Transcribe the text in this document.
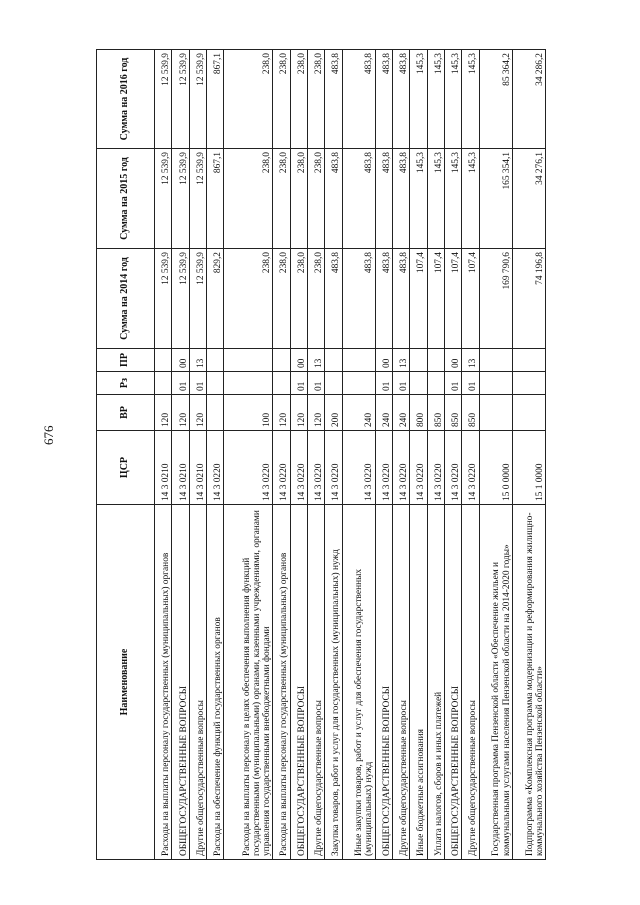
676
Наименование	ЦСР	ВР	Рз	ПР	Сумма на 2014 год	Сумма на 2015 год	Сумма на 2016 год
Расходы на выплаты персоналу государственных (муниципальных) органов	14 3 0210	120			12 539,9	12 539,9	12 539,9
ОБЩЕГОСУДАРСТВЕННЫЕ ВОПРОСЫ	14 3 0210	120	01	00	12 539,9	12 539,9	12 539,9
Другие общегосударственные вопросы	14 3 0210	120	01	13	12 539,9	12 539,9	12 539,9
Расходы на обеспечение функций государственных органов	14 3 0220				829,2	867,1	867,1
Расходы на выплаты персоналу в целях обеспечения выполнения функций государственными (муниципальными) органами, казенными учреждениями, органами управления государственными внебюджетными фондами	14 3 0220	100			238,0	238,0	238,0
Расходы на выплаты персоналу государственных (муниципальных) органов	14 3 0220	120			238,0	238,0	238,0
ОБЩЕГОСУДАРСТВЕННЫЕ ВОПРОСЫ	14 3 0220	120	01	00	238,0	238,0	238,0
Другие общегосударственные вопросы	14 3 0220	120	01	13	238,0	238,0	238,0
Закупка товаров, работ и услуг для государственных (муниципальных) нужд	14 3 0220	200			483,8	483,8	483,8
Иные закупки товаров, работ и услуг для обеспечения государственных (муниципальных) нужд	14 3 0220	240			483,8	483,8	483,8
ОБЩЕГОСУДАРСТВЕННЫЕ ВОПРОСЫ	14 3 0220	240	01	00	483,8	483,8	483,8
Другие общегосударственные вопросы	14 3 0220	240	01	13	483,8	483,8	483,8
Иные бюджетные ассигнования	14 3 0220	800			107,4	145,3	145,3
Уплата налогов, сборов и иных платежей	14 3 0220	850			107,4	145,3	145,3
ОБЩЕГОСУДАРСТВЕННЫЕ ВОПРОСЫ	14 3 0220	850	01	00	107,4	145,3	145,3
Другие общегосударственные вопросы	14 3 0220	850	01	13	107,4	145,3	145,3
Государственная программа Пензенской области «Обеспечение жильем и коммунальными услугами населения Пензенской области на 2014-2020 годы»	15 0 0000				169 790,6	165 354,1	85 364,2
Подпрограмма «Комплексная программа модернизации и реформирования жилищно-коммунального хозяйства Пензенской области»	15 1 0000				74 196,8	34 276,1	34 286,2
